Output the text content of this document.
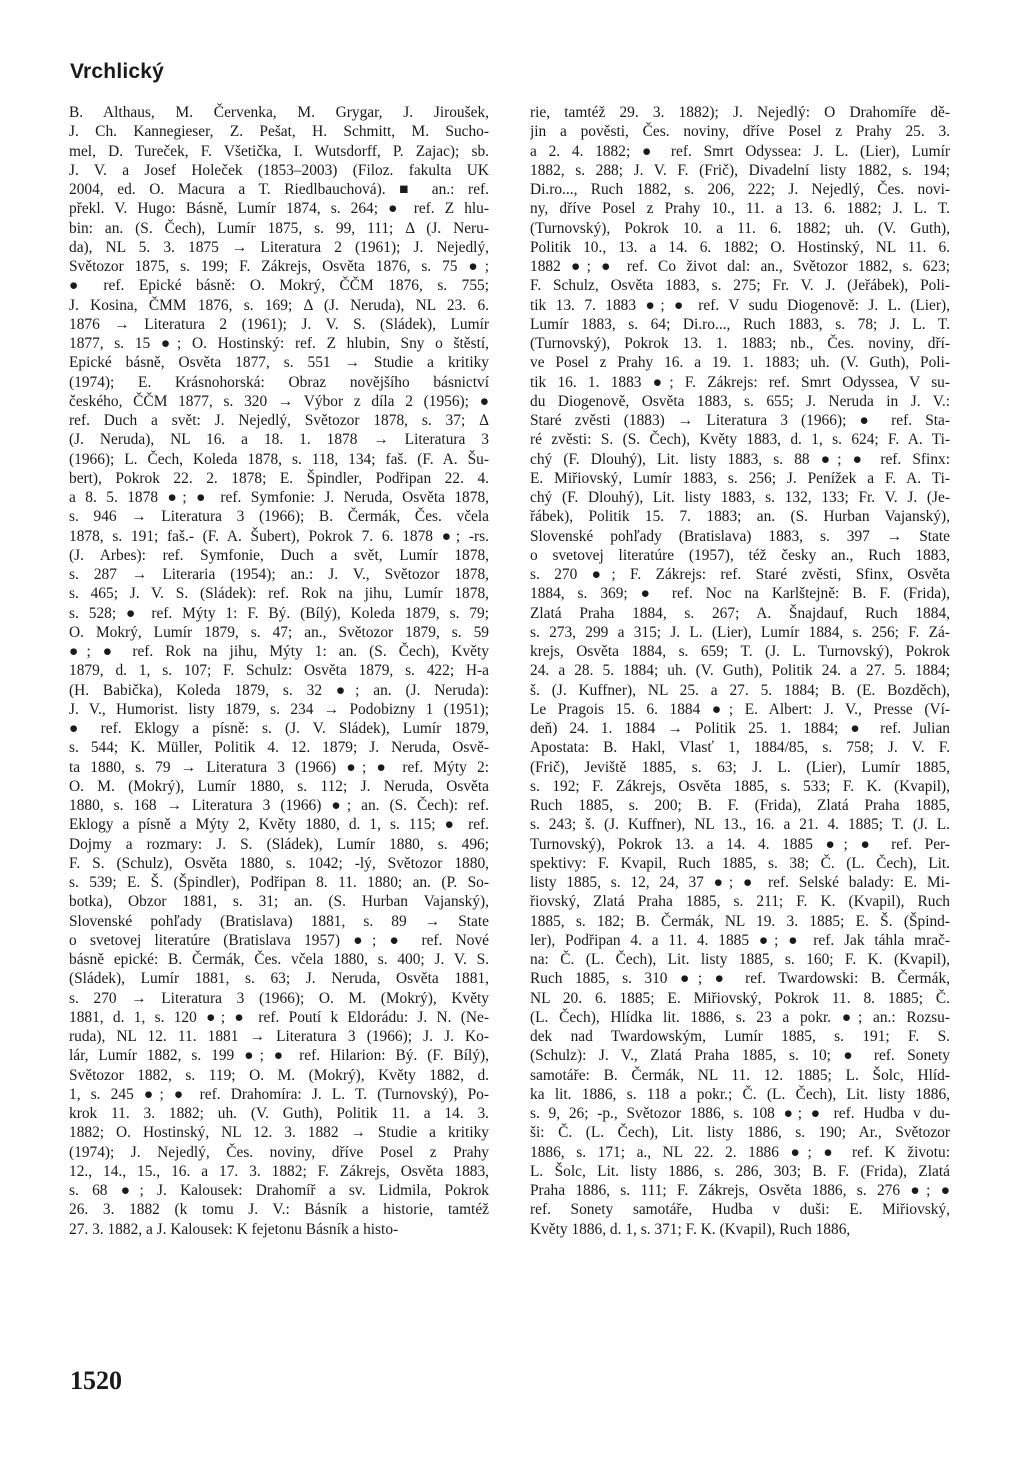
Vrchlický
B. Althaus, M. Červenka, M. Grygar, J. Jiroušek,
J. Ch. Kannegieser, Z. Pešat, H. Schmitt, M. Sucho-
mel, D. Tureček, F. Všetička, I. Wutsdorff, P. Zajac); sb.
J. V. a Josef Holeček (1853–2003) (Filoz. fakulta UK
2004, ed. O. Macura a T. Riedlbauchová). ■ an.: ref.
překl. V. Hugo: Básně, Lumír 1874, s. 264; ● ref. Z hlu-
bin: an. (S. Čech), Lumír 1875, s. 99, 111; Δ (J. Neru-
da), NL 5. 3. 1875 → Literatura 2 (1961); J. Nejedlý,
Světozor 1875, s. 199; F. Zákrejs, Osvěta 1876, s. 75 ●;
● ref. Epické básně: O. Mokrý, ČČM 1876, s. 755;
J. Kosina, ČMM 1876, s. 169; Δ (J. Neruda), NL 23. 6.
1876 → Literatura 2 (1961); J. V. S. (Sládek), Lumír
1877, s. 15 ●; O. Hostinský: ref. Z hlubin, Sny o štěstí,
Epické básně, Osvěta 1877, s. 551 → Studie a kritiky
(1974); E. Krásnohorská: Obraz novějšího básnictví
českého, ČČM 1877, s. 320 → Výbor z díla 2 (1956); ●
ref. Duch a svět: J. Nejedlý, Světozor 1878, s. 37; Δ
(J. Neruda), NL 16. a 18. 1. 1878 → Literatura 3
(1966); L. Čech, Koleda 1878, s. 118, 134; faš. (F. A. Šu-
bert), Pokrok 22. 2. 1878; E. Špindler, Podřipan 22. 4.
a 8. 5. 1878 ●; ● ref. Symfonie: J. Neruda, Osvěta 1878,
s. 946 → Literatura 3 (1966); B. Čermák, Čes. včela
1878, s. 191; faš.- (F. A. Šubert), Pokrok 7. 6. 1878 ●; -rs.
(J. Arbes): ref. Symfonie, Duch a svět, Lumír 1878,
s. 287 → Literaria (1954); an.: J. V., Světozor 1878,
s. 465; J. V. S. (Sládek): ref. Rok na jihu, Lumír 1878,
s. 528; ● ref. Mýty 1: F. Bý. (Bílý), Koleda 1879, s. 79;
O. Mokrý, Lumír 1879, s. 47; an., Světozor 1879, s. 59
●; ● ref. Rok na jihu, Mýty 1: an. (S. Čech), Květy
1879, d. 1, s. 107; F. Schulz: Osvěta 1879, s. 422; H-a
(H. Babička), Koleda 1879, s. 32 ●; an. (J. Neruda):
J. V., Humorist. listy 1879, s. 234 → Podobizny 1 (1951);
● ref. Eklogy a písně: s. (J. V. Sládek), Lumír 1879,
s. 544; K. Müller, Politik 4. 12. 1879; J. Neruda, Osvě-
ta 1880, s. 79 → Literatura 3 (1966) ●; ● ref. Mýty 2:
O. M. (Mokrý), Lumír 1880, s. 112; J. Neruda, Osvěta
1880, s. 168 → Literatura 3 (1966) ●; an. (S. Čech): ref.
Eklogy a písně a Mýty 2, Květy 1880, d. 1, s. 115; ● ref.
Dojmy a rozmary: J. S. (Sládek), Lumír 1880, s. 496;
F. S. (Schulz), Osvěta 1880, s. 1042; -lý, Světozor 1880,
s. 539; E. Š. (Špindler), Podřipan 8. 11. 1880; an. (P. So-
botka), Obzor 1881, s. 31; an. (S. Hurban Vajanský),
Slovenské pohľady (Bratislava) 1881, s. 89 → State
o svetovej literatúre (Bratislava 1957) ●; ● ref. Nové
básně epické: B. Čermák, Čes. včela 1880, s. 400; J. V. S.
(Sládek), Lumír 1881, s. 63; J. Neruda, Osvěta 1881,
s. 270 → Literatura 3 (1966); O. M. (Mokrý), Květy
1881, d. 1, s. 120 ●; ● ref. Poutí k Eldorádu: J. N. (Ne-
ruda), NL 12. 11. 1881 → Literatura 3 (1966); J. J. Ko-
lár, Lumír 1882, s. 199 ●; ● ref. Hilarion: Bý. (F. Bílý),
Světozor 1882, s. 119; O. M. (Mokrý), Květy 1882, d.
1, s. 245 ●; ● ref. Drahomíra: J. L. T. (Turnovský), Po-
krok 11. 3. 1882; uh. (V. Guth), Politik 11. a 14. 3.
1882; O. Hostinský, NL 12. 3. 1882 → Studie a kritiky
(1974); J. Nejedlý, Čes. noviny, dříve Posel z Prahy
12., 14., 15., 16. a 17. 3. 1882; F. Zákrejs, Osvěta 1883,
s. 68 ●; J. Kalousek: Drahomíř a sv. Lidmila, Pokrok
26. 3. 1882 (k tomu J. V.: Básník a historie, tamtéž
27. 3. 1882, a J. Kalousek: K fejetonu Básník a histo-
rie, tamtéž 29. 3. 1882); J. Nejedlý: O Drahomíře dě-
jin a pověsti, Čes. noviny, dříve Posel z Prahy 25. 3.
a 2. 4. 1882; ● ref. Smrt Odyssea: J. L. (Lier), Lumír
1882, s. 288; J. V. F. (Frič), Divadelní listy 1882, s. 194;
Di.ro..., Ruch 1882, s. 206, 222; J. Nejedlý, Čes. novi-
ny, dříve Posel z Prahy 10., 11. a 13. 6. 1882; J. L. T.
(Turnovský), Pokrok 10. a 11. 6. 1882; uh. (V. Guth),
Politik 10., 13. a 14. 6. 1882; O. Hostinský, NL 11. 6.
1882 ●; ● ref. Co život dal: an., Světozor 1882, s. 623;
F. Schulz, Osvěta 1883, s. 275; Fr. V. J. (Jeřábek), Poli-
tik 13. 7. 1883 ●; ● ref. V sudu Diogenově: J. L. (Lier),
Lumír 1883, s. 64; Di.ro..., Ruch 1883, s. 78; J. L. T.
(Turnovský), Pokrok 13. 1. 1883; nb., Čes. noviny, dří-
ve Posel z Prahy 16. a 19. 1. 1883; uh. (V. Guth), Poli-
tik 16. 1. 1883 ●; F. Zákrejs: ref. Smrt Odyssea, V su-
du Diogenově, Osvěta 1883, s. 655; J. Neruda in J. V.:
Staré zvěsti (1883) → Literatura 3 (1966); ● ref. Sta-
ré zvěsti: S. (S. Čech), Květy 1883, d. 1, s. 624; F. A. Ti-
chý (F. Dlouhý), Lit. listy 1883, s. 88 ●; ● ref. Sfinx:
E. Miřiovský, Lumír 1883, s. 256; J. Penížek a F. A. Ti-
chý (F. Dlouhý), Lit. listy 1883, s. 132, 133; Fr. V. J. (Je-
řábek), Politik 15. 7. 1883; an. (S. Hurban Vajanský),
Slovenské pohľady (Bratislava) 1883, s. 397 → State
o svetovej literatúre (1957), též česky an., Ruch 1883,
s. 270 ●; F. Zákrejs: ref. Staré zvěsti, Sfinx, Osvěta
1884, s. 369; ● ref. Noc na Karlštejně: B. F. (Frida),
Zlatá Praha 1884, s. 267; A. Šnajdauf, Ruch 1884,
s. 273, 299 a 315; J. L. (Lier), Lumír 1884, s. 256; F. Zá-
krejs, Osvěta 1884, s. 659; T. (J. L. Turnovský), Pokrok
24. a 28. 5. 1884; uh. (V. Guth), Politik 24. a 27. 5. 1884;
š. (J. Kuffner), NL 25. a 27. 5. 1884; B. (E. Bozděch),
Le Pragois 15. 6. 1884 ●; E. Albert: J. V., Presse (Ví-
deň) 24. 1. 1884 → Politik 25. 1. 1884; ● ref. Julian
Apostata: B. Hakl, Vlasť 1, 1884/85, s. 758; J. V. F.
(Frič), Jeviště 1885, s. 63; J. L. (Lier), Lumír 1885,
s. 192; F. Zákrejs, Osvěta 1885, s. 533; F. K. (Kvapil),
Ruch 1885, s. 200; B. F. (Frida), Zlatá Praha 1885,
s. 243; š. (J. Kuffner), NL 13., 16. a 21. 4. 1885; T. (J. L.
Turnovský), Pokrok 13. a 14. 4. 1885 ●; ● ref. Per-
spektivy: F. Kvapil, Ruch 1885, s. 38; Č. (L. Čech), Lit.
listy 1885, s. 12, 24, 37 ●; ● ref. Selské balady: E. Mi-
řiovský, Zlatá Praha 1885, s. 211; F. K. (Kvapil), Ruch
1885, s. 182; B. Čermák, NL 19. 3. 1885; E. Š. (Špind-
ler), Podřipan 4. a 11. 4. 1885 ●; ● ref. Jak táhla mrač-
na: Č. (L. Čech), Lit. listy 1885, s. 160; F. K. (Kvapil),
Ruch 1885, s. 310 ●; ● ref. Twardowski: B. Čermák,
NL 20. 6. 1885; E. Miřiovský, Pokrok 11. 8. 1885; Č.
(L. Čech), Hlídka lit. 1886, s. 23 a pokr. ●; an.: Rozsu-
dek nad Twardowským, Lumír 1885, s. 191; F. S.
(Schulz): J. V., Zlatá Praha 1885, s. 10; ● ref. Sonety
samotáře: B. Čermák, NL 11. 12. 1885; L. Šolc, Hlíd-
ka lit. 1886, s. 118 a pokr.; Č. (L. Čech), Lit. listy 1886,
s. 9, 26; -p., Světozor 1886, s. 108 ●; ● ref. Hudba v du-
ši: Č. (L. Čech), Lit. listy 1886, s. 190; Ar., Světozor
1886, s. 171; a., NL 22. 2. 1886 ●; ● ref. K životu:
L. Šolc, Lit. listy 1886, s. 286, 303; B. F. (Frida), Zlatá
Praha 1886, s. 111; F. Zákrejs, Osvěta 1886, s. 276 ●; ●
ref. Sonety samotáře, Hudba v duši: E. Miřiovský,
Květy 1886, d. 1, s. 371; F. K. (Kvapil), Ruch 1886,
1520
